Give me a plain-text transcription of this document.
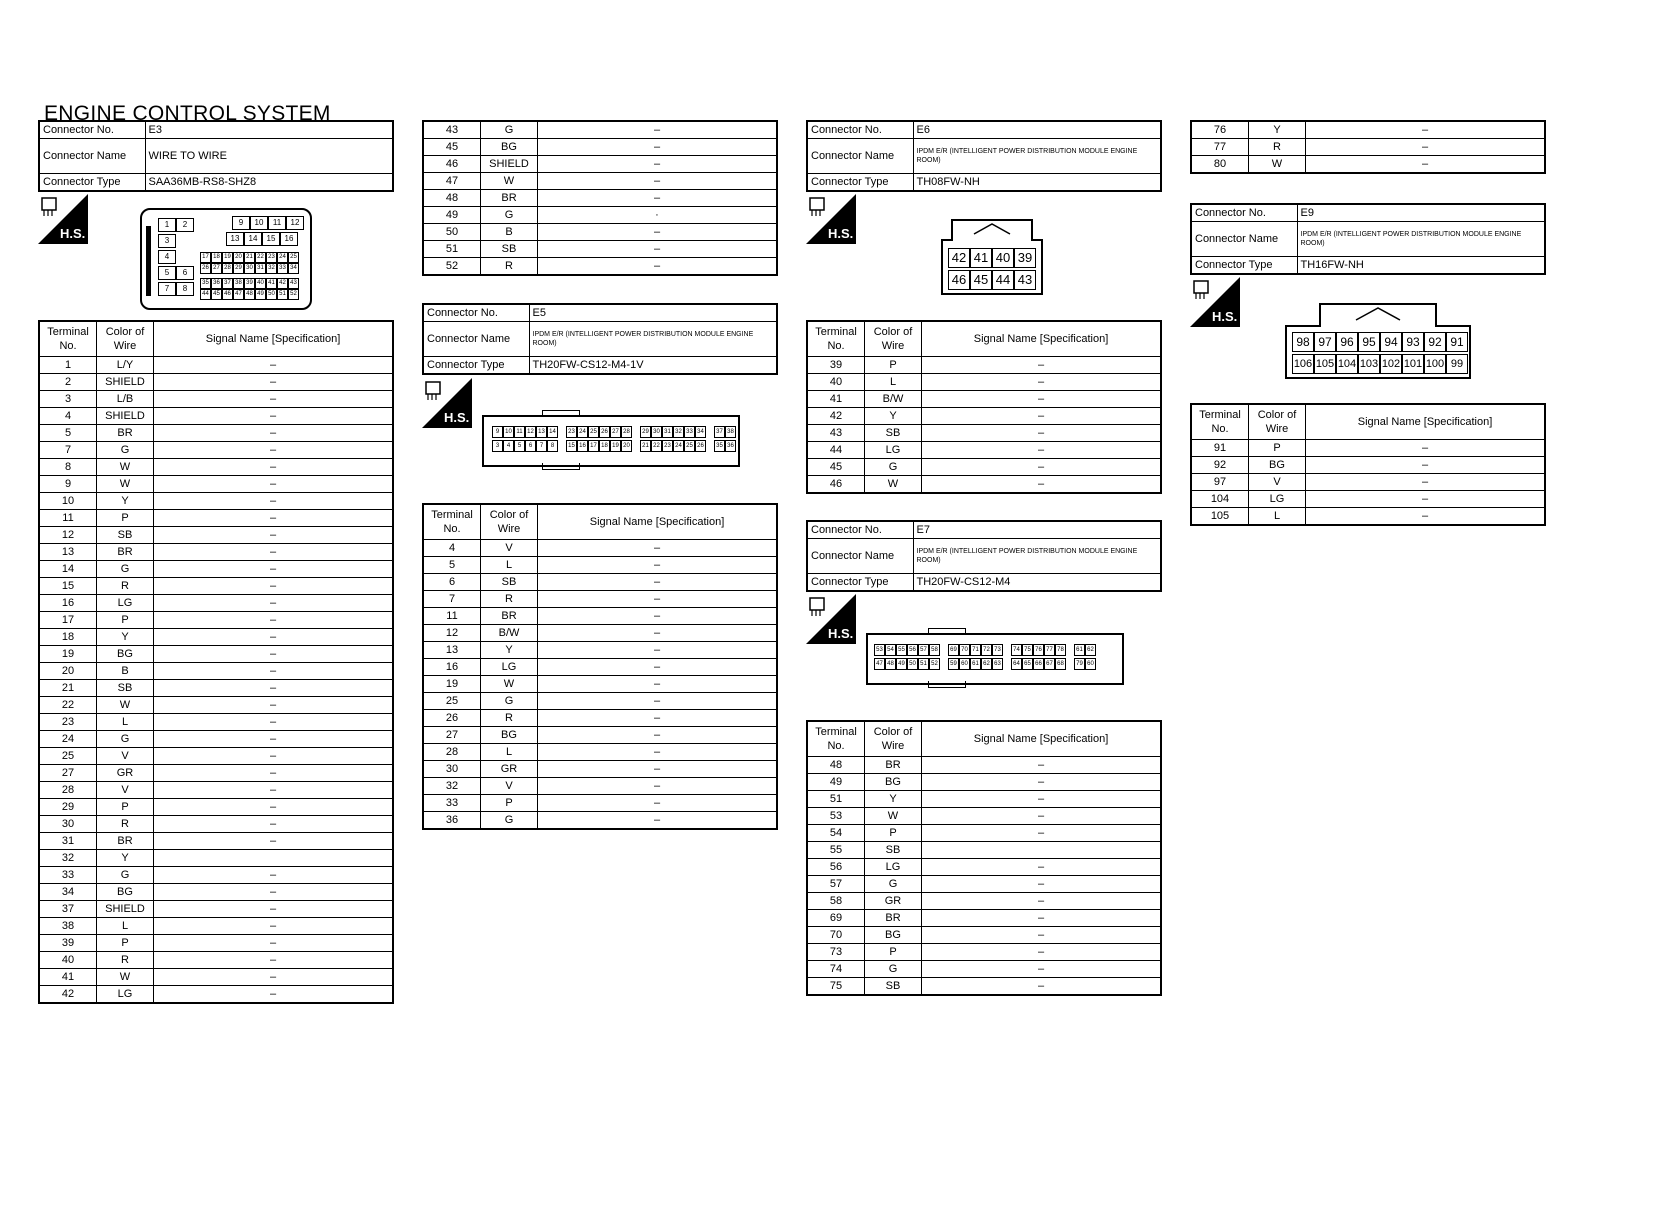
ENGINE CONTROL SYSTEM
Connector No.	E3
Connector Name	WIRE TO WIRE
Connector Type	SAA36MB-RS8-SHZ8
H.S.
1	2
3
4
5	6
7	8
9	10	11	12
13	14	15	16
17 18 19 20 21 22 23 24 25
26 27 28 29 30 31 32 33 34
35 36 37 38 39 40 41 42 43
44 45 46 47 48 49 50 51 52
Terminal No.	Color of Wire	Signal Name [Specification]
1	L/Y	–
2	SHIELD	–
3	L/B	–
4	SHIELD	–
5	BR	–
7	G	–
8	W	–
9	W	–
10	Y	–
11	P	–
12	SB	–
13	BR	–
14	G	–
15	R	–
16	LG	–
17	P	–
18	Y	–
19	BG	–
20	B	–
21	SB	–
22	W	–
23	L	–
24	G	–
25	V	–
27	GR	–
28	V	–
29	P	–
30	R	–
31	BR	–
32	Y	
33	G	–
34	BG	–
37	SHIELD	–
38	L	–
39	P	–
40	R	–
41	W	–
42	LG	–
43	G	–
45	BG	–
46	SHIELD	–
47	W	–
48	BR	–
49	G	·
50	B	–
51	SB	–
52	R	–
Connector No.	E5
Connector Name	IPDM E/R (INTELLIGENT POWER DISTRIBUTION MODULE ENGINE ROOM)
Connector Type	TH20FW-CS12-M4-1V
H.S.
9 10 11 12 13 14	23 24 25 26 27 28	29 30 31 32 33 34	37 38
3	4	5	6	7	8	15 16 17 18 19 20	21 22 23 24 25 26	35 36
Terminal No.	Color of Wire	Signal Name [Specification]
4	V	–
5	L	–
6	SB	–
7	R	–
11	BR	–
12	B/W	–
13	Y	–
16	LG	–
19	W	–
25	G	–
26	R	–
27	BG	–
28	L	–
30	GR	–
32	V	–
33	P	–
36	G	–
Connector No.	E6
Connector Name	IPDM E/R (INTELLIGENT POWER DISTRIBUTION MODULE ENGINE ROOM)
Connector Type	TH08FW-NH
H.S.
42 41 40 39
46 45 44 43
Terminal No.	Color of Wire	Signal Name [Specification]
39	P	–
40	L	–
41	B/W	–
42	Y	–
43	SB	–
44	LG	–
45	G	–
46	W	–
Connector No.	E7
Connector Name	IPDM E/R (INTELLIGENT POWER DISTRIBUTION MODULE ENGINE ROOM)
Connector Type	TH20FW-CS12-M4
H.S.
53 54 55 56 57 58	69 70 71 72 73	74 75 76 77 78	61 62
47 48 49 50 51 52	59 60 61 62 63	64 65 66 67 68	79 60
Terminal No.	Color of Wire	Signal Name [Specification]
48	BR	–
49	BG	–
51	Y	–
53	W	–
54	P	–
55	SB	
56	LG	–
57	G	–
58	GR	–
69	BR	–
70	BG	–
73	P	–
74	G	–
75	SB	–
76	Y	–
77	R	–
80	W	–
Connector No.	E9
Connector Name	IPDM E/R (INTELLIGENT POWER DISTRIBUTION MODULE ENGINE ROOM)
Connector Type	TH16FW-NH
H.S.
98 97 96 95 94 93 92 91
106 105 104 103 102 101 100 99
Terminal No.	Color of Wire	Signal Name [Specification]
91	P	–
92	BG	–
97	V	–
104	LG	–
105	L	–
